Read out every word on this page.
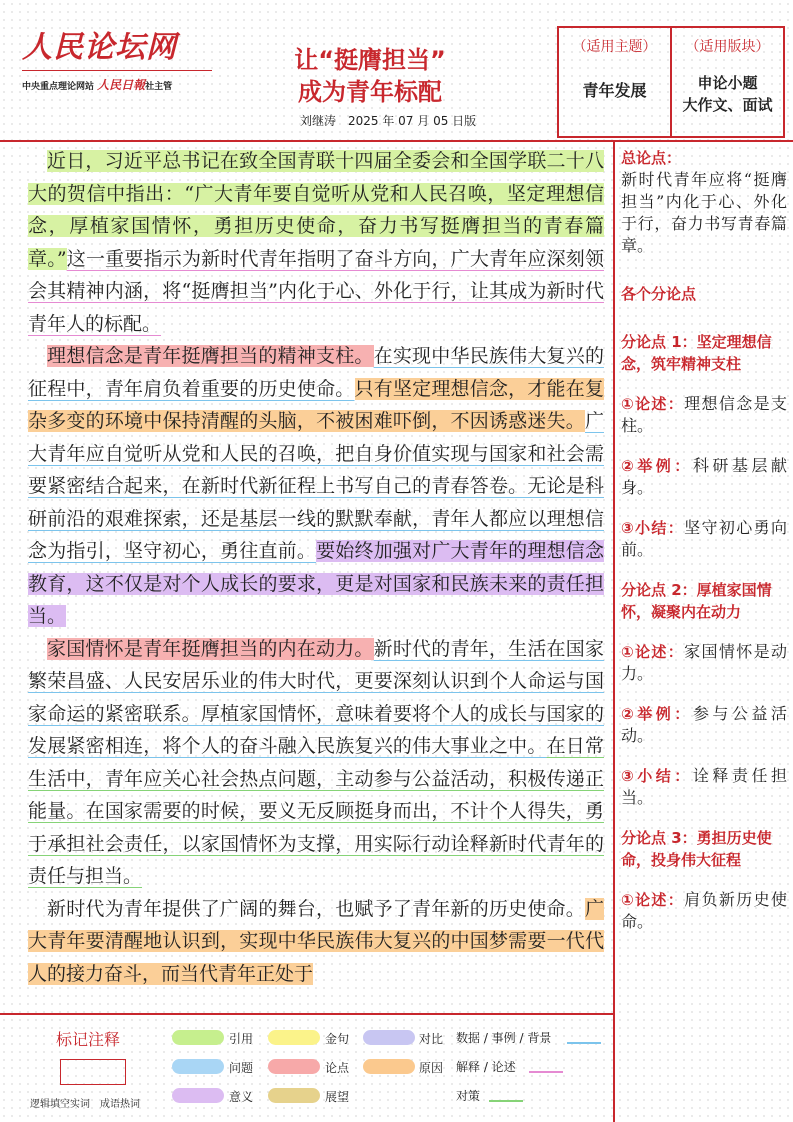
人民论坛网
中央重点理论网站 人民日報社主管
让“挺膺担当”
成为青年标配
刘继涛　2025 年 07 月 05 日版
（适用主题）
青年发展
（适用版块）
申论小题
大作文、面试

近日，习近平总书记在致全国青联十四届全委会和全国学联二十八大的贺信中指出：“广大青年要自觉听从党和人民召唤，坚定理想信念，厚植家国情怀，勇担历史使命，奋力书写挺膺担当的青春篇章。”这一重要指示为新时代青年指明了奋斗方向，广大青年应深刻领会其精神内涵，将“挺膺担当”内化于心、外化于行，让其成为新时代青年人的标配。

理想信念是青年挺膺担当的精神支柱。在实现中华民族伟大复兴的征程中，青年肩负着重要的历史使命。只有坚定理想信念，才能在复杂多变的环境中保持清醒的头脑，不被困难吓倒，不因诱惑迷失。广大青年应自觉听从党和人民的召唤，把自身价值实现与国家和社会需要紧密结合起来，在新时代新征程上书写自己的青春答卷。无论是科研前沿的艰难探索，还是基层一线的默默奉献，青年人都应以理想信念为指引，坚守初心，勇往直前。要始终加强对广大青年的理想信念教育，这不仅是对个人成长的要求，更是对国家和民族未来的责任担当。

家国情怀是青年挺膺担当的内在动力。新时代的青年，生活在国家繁荣昌盛、人民安居乐业的伟大时代，更要深刻认识到个人命运与国家命运的紧密联系。厚植家国情怀，意味着要将个人的成长与国家的发展紧密相连，将个人的奋斗融入民族复兴的伟大事业之中。在日常生活中，青年应关心社会热点问题，主动参与公益活动，积极传递正能量。在国家需要的时候，要义无反顾挺身而出，不计个人得失，勇于承担社会责任，以家国情怀为支撑，用实际行动诠释新时代青年的责任与担当。

新时代为青年提供了广阔的舞台，也赋予了青年新的历史使命。广大青年要清醒地认识到，实现中华民族伟大复兴的中国梦需要一代代人的接力奋斗，而当代青年正处于

总论点：
新时代青年应将“挺膺担当”内化于心、外化于行，奋力书写青春篇章。
各个分论点
分论点 1：坚定理想信念，筑牢精神支柱
①论述：理想信念是支柱。
②举例：科研基层献身。
③小结：坚守初心勇向前。
分论点 2：厚植家国情怀，凝聚内在动力
①论述：家国情怀是动力。
②举例：参与公益活动。
③小结：诠释责任担当。
分论点 3：勇担历史使命，投身伟大征程
①论述：肩负新历史使命。
标记注释
逻辑填空实词　成语热词
引用	金句	对比
问题	论点	原因
意义	展望
数据 / 事例 / 背景
解释 / 论述
对策
